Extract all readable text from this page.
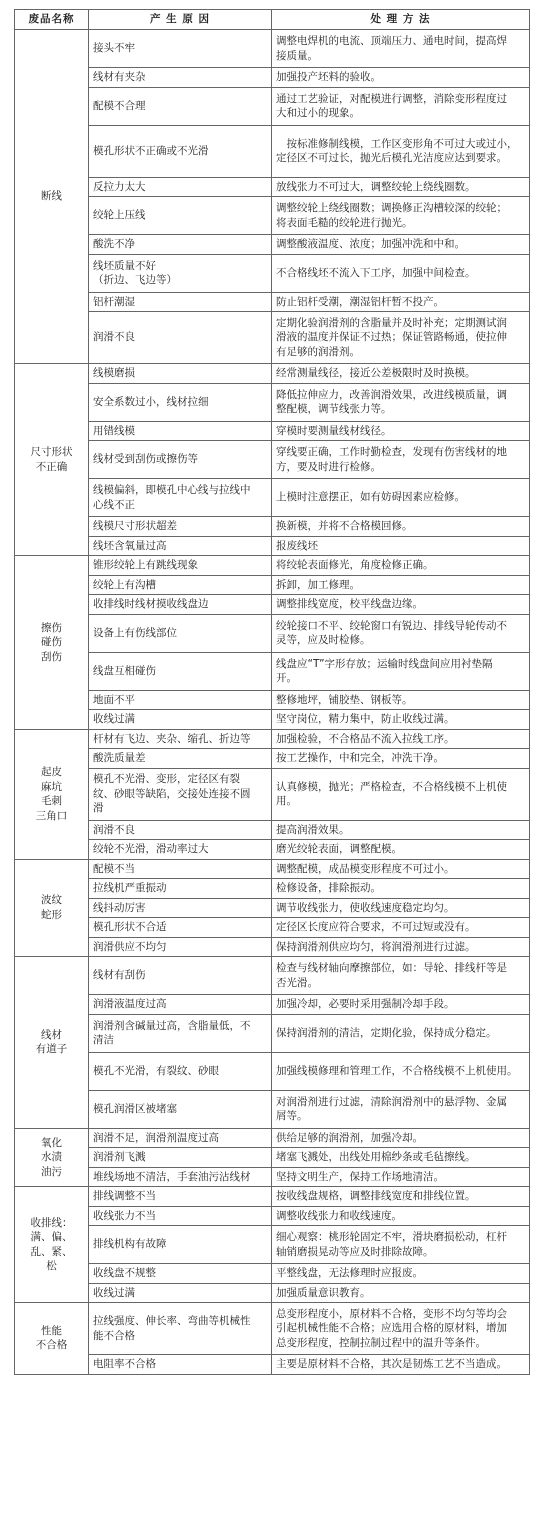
废品名称	产 生 原 因	处 理 方 法

断线	接头不牢	调整电焊机的电流、顶端压力、通电时间，提高焊
接质量。

	线材有夹杂	加强投产坯料的验收。

	配模不合理	通过工艺验证，对配模进行调整，消除变形程度过
大和过小的现象。

	模孔形状不正确或不光滑	　按标准修制线模，工作区变形角不可过大或过小，
定径区不可过长，抛光后模孔光洁度应达到要求。

	反拉力太大	放线张力不可过大，调整绞轮上绕线圈数。

	绞轮上压线	调整绞轮上绕线圈数；调换修正沟槽较深的绞轮；
将表面毛糙的绞轮进行抛光。

	酸洗不净	调整酸液温度、浓度；加强冲洗和中和。

	线坯质量不好
（折边、飞边等）	不合格线坯不流入下工序，加强中间检查。

	铝杆潮湿	防止铝杆受潮，潮湿铝杆暂不投产。

	润滑不良	定期化验润滑剂的含脂量并及时补充；定期测试润
滑液的温度并保证不过热；保证管路畅通，使拉伸
有足够的润滑剂。

尺寸形状
不正确	线模磨损	经常测量线径，接近公差极限时及时换模。

	安全系数过小，线材拉细	降低拉伸应力，改善润滑效果，改进线模质量，调
整配模，调节线张力等。

	用错线模	穿模时要测量线材线径。

	线材受到刮伤或擦伤等	穿线要正确，工作时勤检查，发现有伤害线材的地
方，要及时进行检修。

	线模偏斜，即模孔中心线与拉线中
心线不正	上模时注意摆正，如有妨碍因素应检修。

	线模尺寸形状超差	换新模，并将不合格模回修。

	线坯含氧量过高	报废线坯

擦伤
碰伤
刮伤	锥形绞轮上有跳线现象	将绞轮表面修光，角度检修正确。

	绞轮上有沟槽	拆卸，加工修理。

	收排线时线材摸收线盘边	调整排线宽度，校平线盘边缘。

	设备上有伤线部位	绞轮接口不平、绞轮窗口有锐边、排线导轮传动不
灵等，应及时检修。

	线盘互相碰伤	线盘应“T”字形存放；运输时线盘间应用衬垫隔
开。

	地面不平	整修地坪，铺胶垫、钢板等。

	收线过满	坚守岗位，精力集中，防止收线过满。

起皮
麻坑
毛刺
三角口	杆材有飞边、夹杂、缩孔、折边等	加强检验，不合格品不流入拉线工序。

	酸洗质量差	按工艺操作，中和完全，冲洗干净。

	模孔不光滑、变形，定径区有裂
纹、砂眼等缺陷，交接处连接不圆
滑	认真修模，抛光；严格检查，不合格线模不上机使
用。

	润滑不良	提高润滑效果。

	绞轮不光滑，滑动率过大	磨光绞轮表面，调整配模。

波纹
蛇形	配模不当	调整配模，成品模变形程度不可过小。

	拉线机严重振动	检修设备，排除振动。

	线抖动厉害	调节收线张力，使收线速度稳定均匀。

	模孔形状不合适	定径区长度应符合要求，不可过短或没有。

	润滑供应不均匀	保持润滑剂供应均匀，将润滑剂进行过滤。

线材
有道子	线材有刮伤	检查与线材轴向摩擦部位，如：导轮、排线杆等是
否光滑。

	润滑液温度过高	加强冷却，必要时采用强制冷却手段。

	润滑剂含碱量过高，含脂量低，不
清洁	保持润滑剂的清洁，定期化验，保持成分稳定。

	模孔不光滑，有裂纹、砂眼	加强线模修理和管理工作，不合格线模不上机使用。

	模孔润滑区被堵塞	对润滑剂进行过滤，清除润滑剂中的悬浮物、金属
屑等。

氧化
水渍
油污	润滑不足，润滑剂温度过高	供给足够的润滑剂，加强冷却。

	润滑剂飞溅	堵塞飞溅处，出线处用棉纱条或毛毡擦线。

	堆线场地不清洁，手套油污沾线材	坚持文明生产，保持工作场地清洁。

收排线：
满、偏、
乱、紧、
松	排线调整不当	按收线盘规格，调整排线宽度和排线位置。

	收线张力不当	调整收线张力和收线速度。

	排线机构有故障	细心观察：桃形轮固定不牢，滑块磨损松动，杠杆
轴销磨损晃动等应及时排除故障。

	收线盘不规整	平整线盘，无法修理时应报废。

	收线过满	加强质量意识教育。

性能
不合格	拉线强度、伸长率、弯曲等机械性
能不合格	总变形程度小，原材料不合格，变形不均匀等均会
引起机械性能不合格；应选用合格的原材料，增加
总变形程度，控制拉制过程中的温升等条件。

	电阻率不合格	主要是原材料不合格，其次是韧炼工艺不当造成。
